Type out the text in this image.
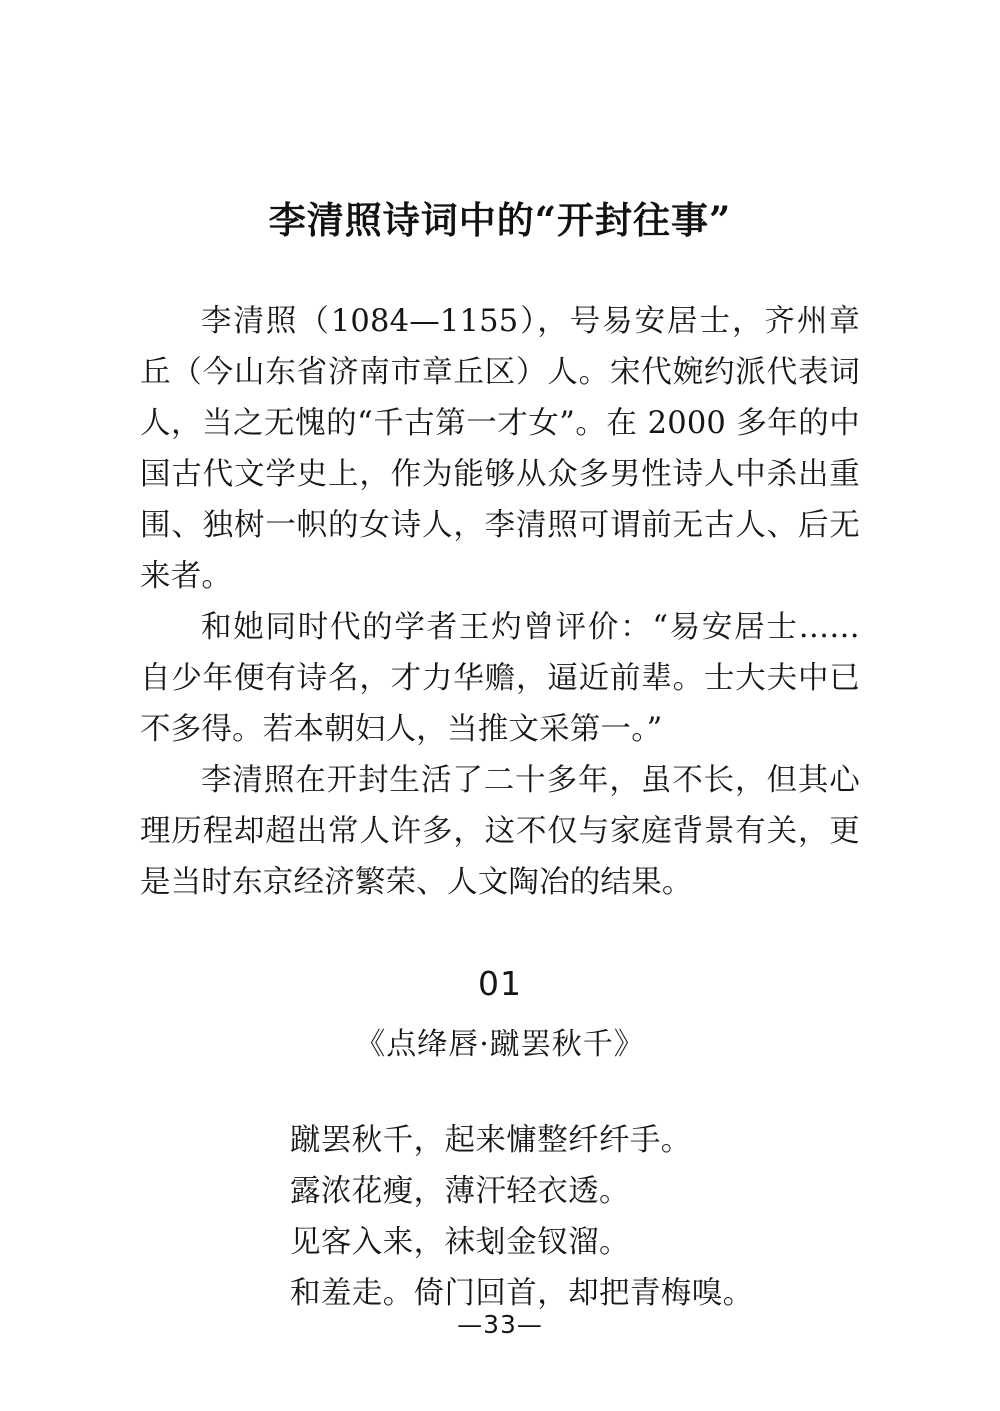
李清照诗词中的“开封往事”

李清照（1084—1155），号易安居士，齐州章丘（今山东省济南市章丘区）人。宋代婉约派代表词人，当之无愧的“千古第一才女”。在 2000 多年的中国古代文学史上，作为能够从众多男性诗人中杀出重围、独树一帜的女诗人，李清照可谓前无古人、后无来者。

和她同时代的学者王灼曾评价：“易安居士……自少年便有诗名，才力华赡，逼近前辈。士大夫中已不多得。若本朝妇人，当推文采第一。”

李清照在开封生活了二十多年，虽不长，但其心理历程却超出常人许多，这不仅与家庭背景有关，更是当时东京经济繁荣、人文陶冶的结果。

01
《点绛唇·蹴罢秋千》
蹴罢秋千，起来慵整纤纤手。
露浓花瘦，薄汗轻衣透。
见客入来，袜刬金钗溜。
和羞走。倚门回首，却把青梅嗅。
—33—
